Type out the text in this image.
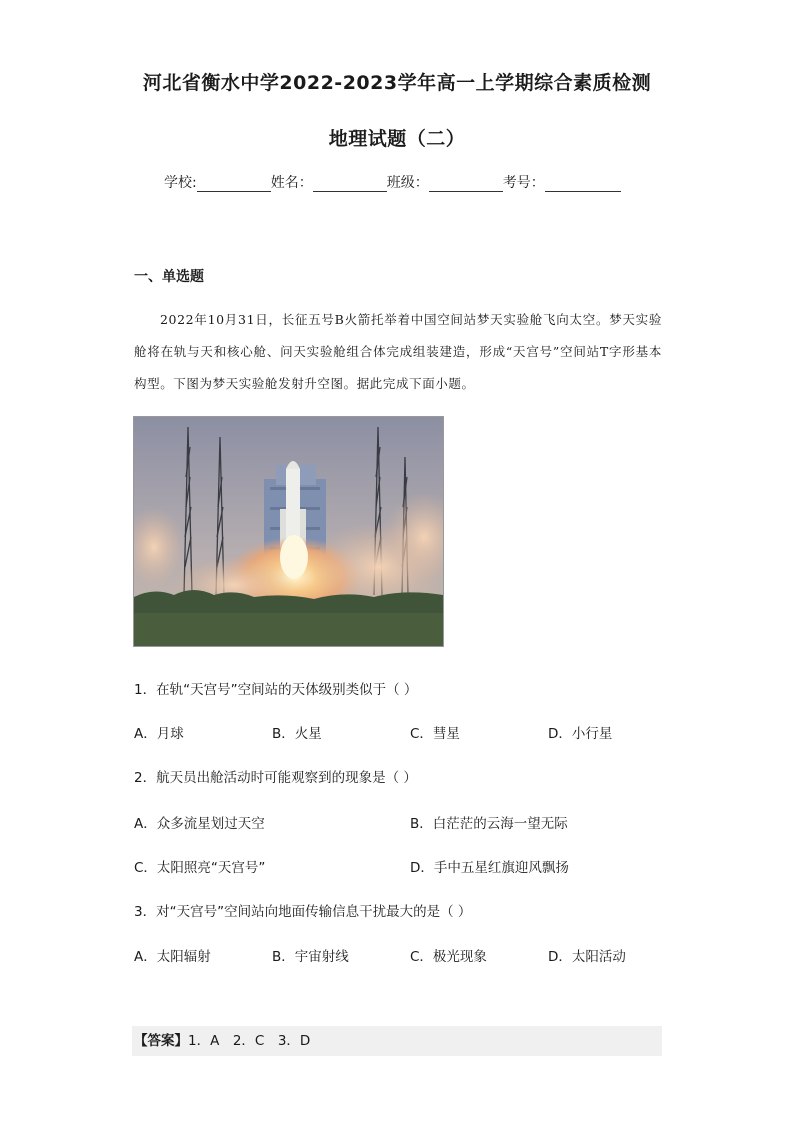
河北省衡水中学2022-2023学年高一上学期综合素质检测
地理试题（二）
学校:	姓名：	班级：	考号：
一、单选题
2022年10月31日，长征五号B火箭托举着中国空间站梦天实验舱飞向太空。梦天实验舱将在轨与天和核心舱、问天实验舱组合体完成组装建造，形成“天宫号”空间站T字形基本构型。下图为梦天实验舱发射升空图。据此完成下面小题。
1．在轨“天宫号”空间站的天体级别类似于（ ）
A．月球	B．火星	C．彗星	D．小行星
2．航天员出舱活动时可能观察到的现象是（ ）
A．众多流星划过天空	B．白茫茫的云海一望无际
C．太阳照亮“天宫号”	D．手中五星红旗迎风飘扬
3．对“天宫号”空间站向地面传输信息干扰最大的是（ ）
A．太阳辐射	B．宇宙射线	C．极光现象	D．太阳活动
【答案】1．A　2．C　3．D
